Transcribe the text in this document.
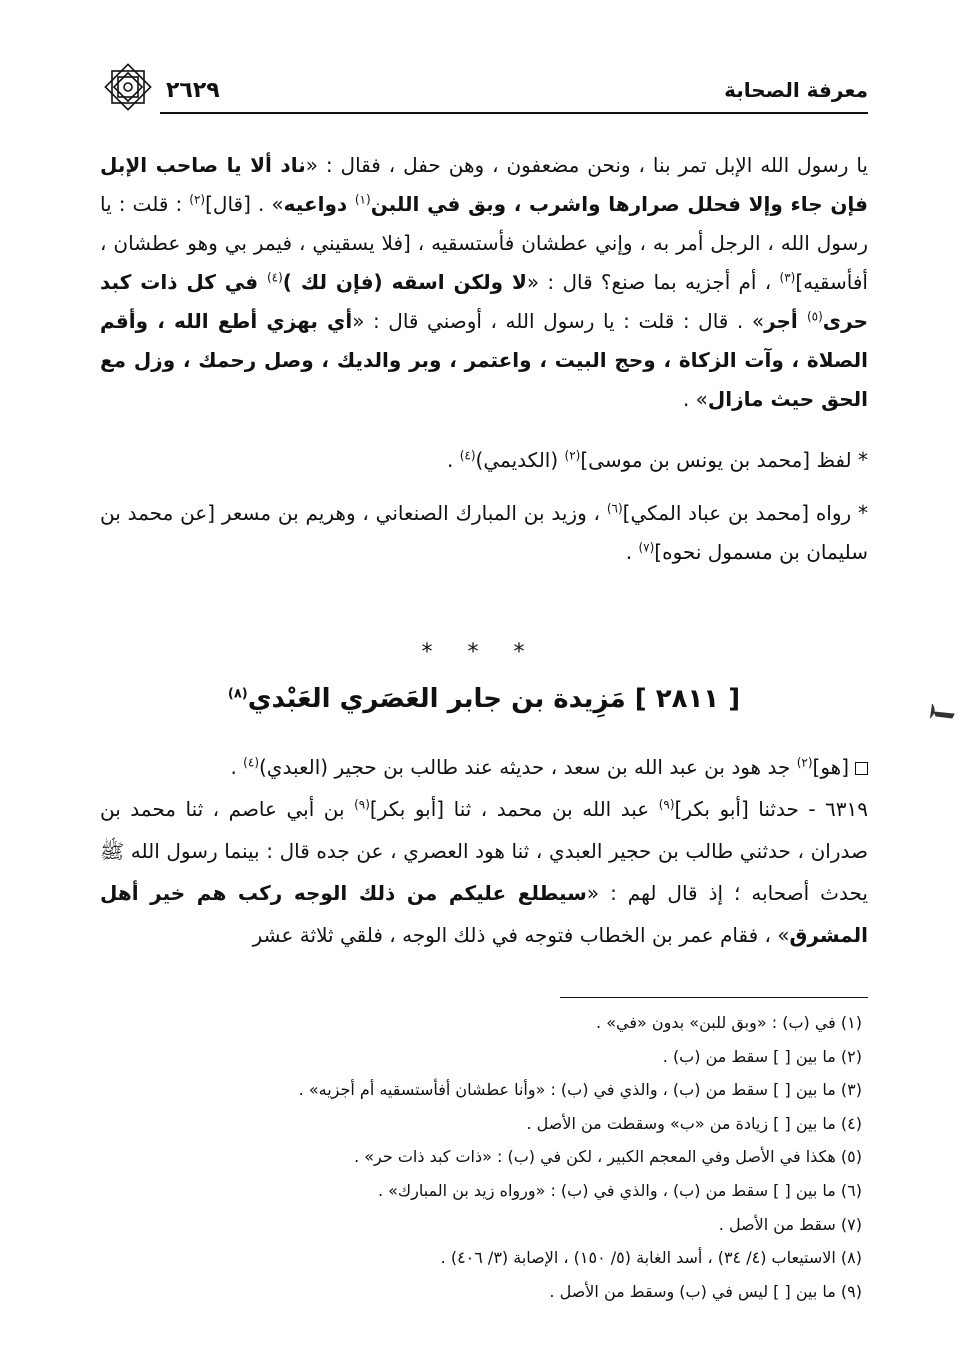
معرفة الصحابة
٢٦٢٩

يا رسول الله الإبل تمر بنا ، ونحن مضعفون ، وهن حفل ، فقال : «ناد ألا يا صاحب الإبل فإن جاء وإلا فحلل صرارها واشرب ، وبق في اللبن$^{(١)}$ دواعيه» . [قال]$^{(٢)}$ : قلت : يا رسول الله ، الرجل أمر به ، وإني عطشان فأستسقيه ، [فلا يسقيني ، فيمر بي وهو عطشان ، أفأسقيه]$^{(٣)}$ ، أم أجزيه بما صنع؟ قال : «لا ولكن اسقه (فإن لك )$^{(٤)}$ في كل ذات كبد حرى$^{(٥)}$ أجر» . قال : قلت : يا رسول الله ، أوصني قال : «أي بهزي أطع الله ، وأقم الصلاة ، وآت الزكاة ، وحج البيت ، واعتمر ، وبر والديك ، وصل رحمك ، وزل مع الحق حيث مازال» .

* لفظ [محمد بن يونس بن موسى]$^{(٢)}$ (الكديمي)$^{(٤)}$ .

* رواه [محمد بن عباد المكي]$^{(٦)}$ ، وزيد بن المبارك الصنعاني ، وهريم بن مسعر [عن محمد بن سليمان بن مسمول نحوه]$^{(٧)}$ .

* * *
[ ٢٨١١ ] مَزِيدة بن جابر العَصَري العَبْدي$^{(٨)}$

[هو]$^{(٢)}$ جد هود بن عبد الله بن سعد ، حديثه عند طالب بن حجير (العبدي)$^{(٤)}$ .

٦٣١٩ - حدثنا [أبو بكر]$^{(٩)}$ عبد الله بن محمد ، ثنا [أبو بكر]$^{(٩)}$ بن أبي عاصم ، ثنا محمد بن صدران ، حدثني طالب بن حجير العبدي ، ثنا هود العصري ، عن جده قال : بينما رسول الله ﷺ يحدث أصحابه ؛ إذ قال لهم : «سيطلع عليكم من ذلك الوجه ركب هم خير أهل المشرق» ، فقام عمر بن الخطاب فتوجه في ذلك الوجه ، فلقي ثلاثة عشر

(١) في (ب) : «وبق للبن» بدون «في» .
(٢) ما بين [ ] سقط من (ب) .
(٣) ما بين [ ] سقط من (ب) ، والذي في (ب) : «وأنا عطشان أفأستسقيه أم أجزيه» .
(٤) ما بين [ ] زيادة من «ب» وسقطت من الأصل .
(٥) هكذا في الأصل وفي المعجم الكبير ، لكن في (ب) : «ذات كبد ذات حر» .
(٦) ما بين [ ] سقط من (ب) ، والذي في (ب) : «ورواه زيد بن المبارك» .
(٧) سقط من الأصل .
(٨) الاستيعاب (٤/ ٣٤) ، أسد الغابة (٥/ ١٥٠) ، الإصابة (٣/ ٤٠٦) .
(٩) ما بين [ ] ليس في (ب) وسقط من الأصل .
